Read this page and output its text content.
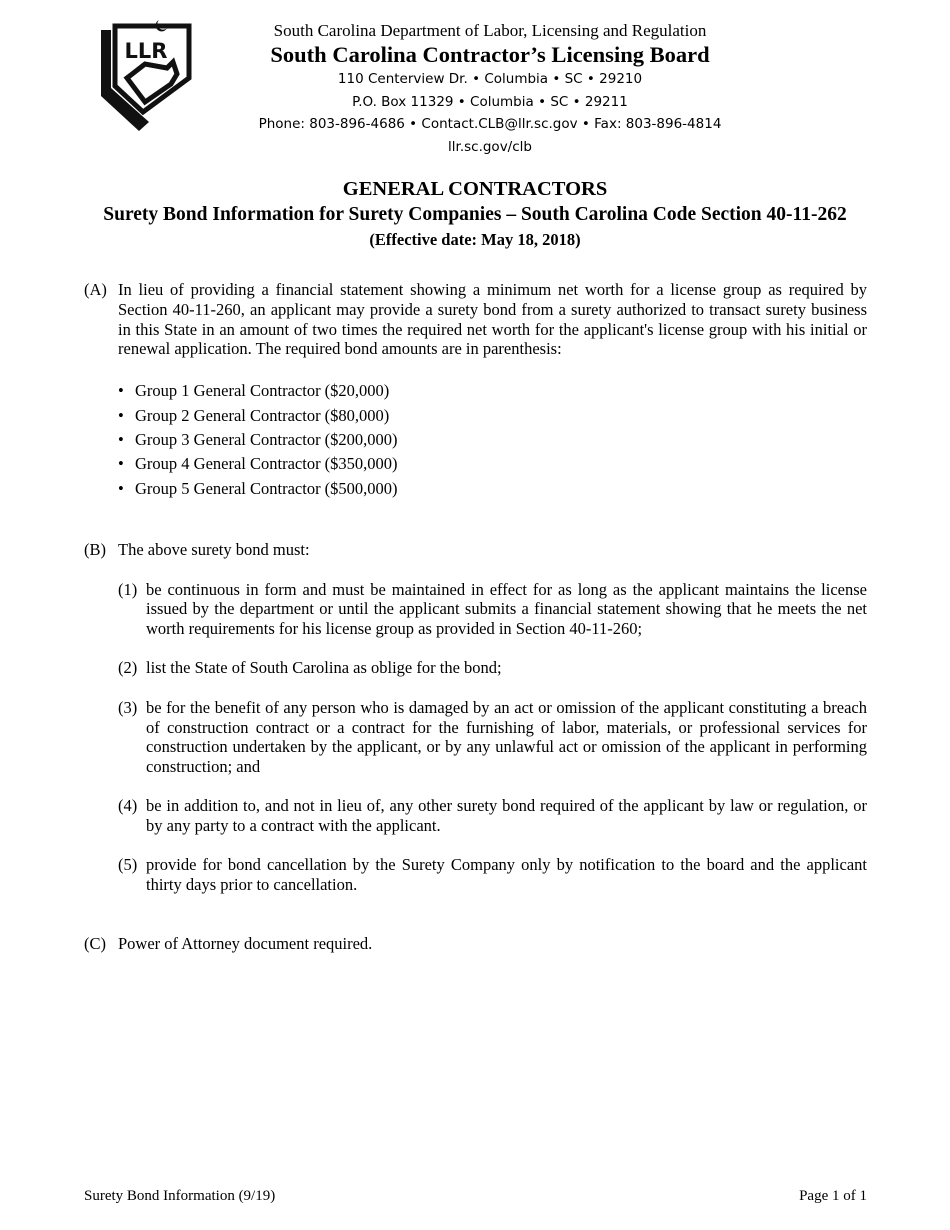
LLR
South Carolina Department of Labor, Licensing and Regulation
South Carolina Contractor’s Licensing Board
110 Centerview Dr. • Columbia • SC • 29210
P.O. Box 11329 • Columbia • SC • 29211
Phone: 803-896-4686 • Contact.CLB@llr.sc.gov • Fax: 803-896-4814
llr.sc.gov/clb
GENERAL CONTRACTORS
Surety Bond Information for Surety Companies – South Carolina Code Section 40-11-262
(Effective date: May 18, 2018)
(A) In lieu of providing a financial statement showing a minimum net worth for a license group as required by Section 40-11-260, an applicant may provide a surety bond from a surety authorized to transact surety business in this State in an amount of two times the required net worth for the applicant's license group with his initial or renewal application. The required bond amounts are in parenthesis:
• Group 1 General Contractor ($20,000)
• Group 2 General Contractor ($80,000)
• Group 3 General Contractor ($200,000)
• Group 4 General Contractor ($350,000)
• Group 5 General Contractor ($500,000)
(B) The above surety bond must:
(1) be continuous in form and must be maintained in effect for as long as the applicant maintains the license issued by the department or until the applicant submits a financial statement showing that he meets the net worth requirements for his license group as provided in Section 40-11-260;
(2) list the State of South Carolina as oblige for the bond;
(3) be for the benefit of any person who is damaged by an act or omission of the applicant constituting a breach of construction contract or a contract for the furnishing of labor, materials, or professional services for construction undertaken by the applicant, or by any unlawful act or omission of the applicant in performing construction; and
(4) be in addition to, and not in lieu of, any other surety bond required of the applicant by law or regulation, or by any party to a contract with the applicant.
(5) provide for bond cancellation by the Surety Company only by notification to the board and the applicant thirty days prior to cancellation.
(C) Power of Attorney document required.
Surety Bond Information (9/19)	Page 1 of 1
